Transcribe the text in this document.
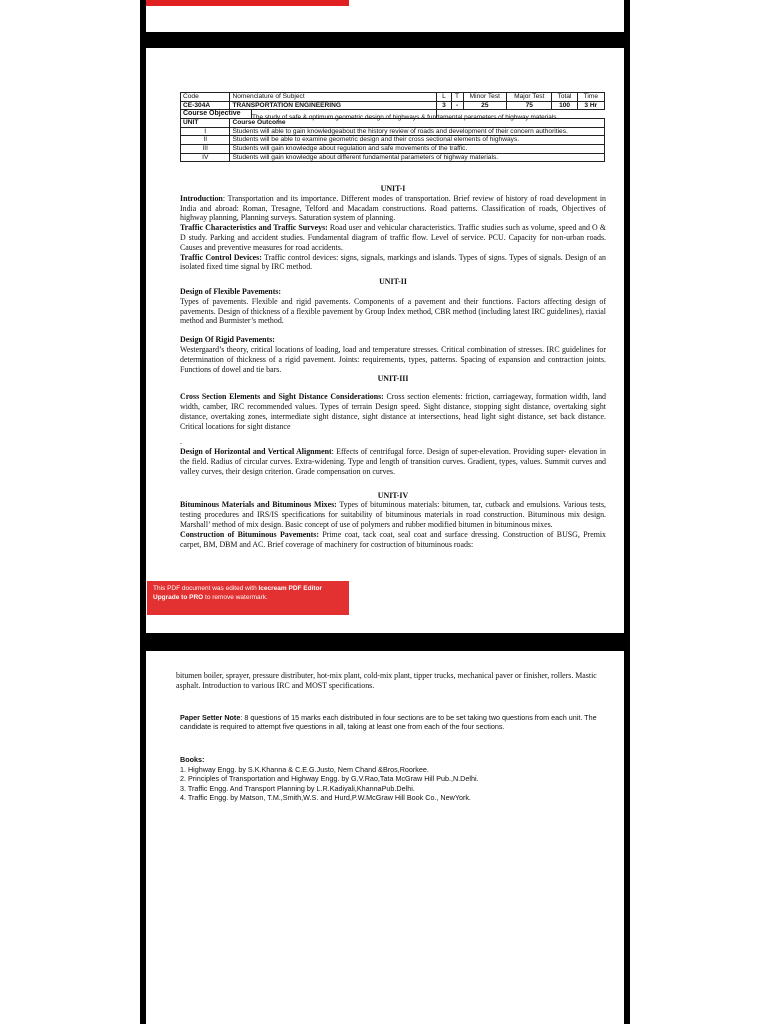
Code	Nomenclature of Subject	L	T	Minor Test	Major Test	Total	Time
CE-304A	TRANSPORTATION ENGINEERING	3	-	25	75	100	3 Hr
Course Objective						
UNIT	Course Outcome						
I	Students will able to gain knowledgeabout the history review of roads and development of their concern authorities.						
II	Students will be able to examine geometric design and their cross sectional elements of highways.						
III	Students will gain knowledge about regulation and safe movements of the traffic.						
IV	Students will gain knowledge about different fundamental parameters of highway materials.						
The study of safe & optimum geometric design of highways & fundamental parameters of highway materials.

UNIT-I

Introduction: Transportation and its importance. Different modes of transportation. Brief review of history of road development in India and abroad: Roman, Tresagne, Telford and Macadam constructions. Road patterns. Classification of roads, Objectives of highway planning, Planning surveys. Saturation system of planning.

Traffic Characteristics and Traffic Surveys: Road user and vehicular characteristics. Traffic studies such as volume, speed and O & D study. Parking and accident studies. Fundamental diagram of traffic flow. Level of service. PCU. Capacity for non-urban roads. Causes and preventive measures for road accidents.

Traffic Control Devices: Traffic control devices: signs, signals, markings and islands. Types of signs. Types of signals. Design of an isolated fixed time signal by IRC method.

UNIT-II

Design of Flexible Pavements:

Types of pavements. Flexible and rigid pavements. Components of a pavement and their functions. Factors affecting design of pavements. Design of thickness of a flexible pavement by Group Index method, CBR method (including latest IRC guidelines), riaxial method and Burmister’s method.

Design Of Rigid Pavements:

Westergaard’s theory, critical locations of loading, load and temperature stresses. Critical combination of stresses. IRC guidelines for determination of thickness of a rigid pavement. Joints: requirements, types, patterns. Spacing of expansion and contraction joints. Functions of dowel and tie bars.

UNIT-III

Cross Section Elements and Sight Distance Considerations: Cross section elements: friction, carriageway, formation width, land width, camber, IRC recommended values. Types of terrain Design speed. Sight distance, stopping sight distance, overtaking sight distance, overtaking zones, intermediate sight distance, sight distance at intersections, head light sight distance, set back distance. Critical locations for sight distance

.

Design of Horizontal and Vertical Alignment: Effects of centrifugal force. Design of super-elevation. Providing super- elevation in the field. Radius of circular curves. Extra-widening. Type and length of transition curves. Gradient, types, values. Summit curves and valley curves, their design criterion. Grade compensation on curves.

UNIT-IV

Bituminous Materials and Bituminous Mixes: Types of bituminous materials: bitumen, tar, cutback and emulsions. Various tests, testing procedures and IRS/IS specifications for suitability of bituminous materials in road construction. Bituminous mix design. Marshall’ method of mix design. Basic concept of use of polymers and rubber modified bitumen in bituminous mixes.

Construction of Bituminous Pavements: Prime coat, tack coat, seal coat and surface dressing. Construction of BUSG, Premix carpet, BM, DBM and AC. Brief coverage of machinery for costruction of bituminous roads:

This PDF document was edited with Icecream PDF Editor
Upgrade to PRO to remove watermark.

bitumen boiler, sprayer, pressure distributer, hot-mix plant, cold-mix plant, tipper trucks, mechanical paver or finisher, rollers. Mastic asphalt. Introduction to various IRC and MOST specifications.

Paper Setter Note: 8 questions of 15 marks each distributed in four sections are to be set taking two questions from each unit. The candidate is required to attempt five questions in all, taking at least one from each of the four sections.

Books:

1. Highway Engg. by S.K.Khanna & C.E.G.Justo, Nem Chand &Bros,Roorkee.

2. Principles of Transportation and Highway Engg. by G.V.Rao,Tata McGraw Hill Pub.,N.Delhi.

3. Traffic Engg. And Transport Planning by L.R.Kadiyali,KhannaPub.Delhi.

4. Traffic Engg. by Matson, T.M.,Smith,W.S. and Hurd,P.W.McGraw Hill Book Co., NewYork.
